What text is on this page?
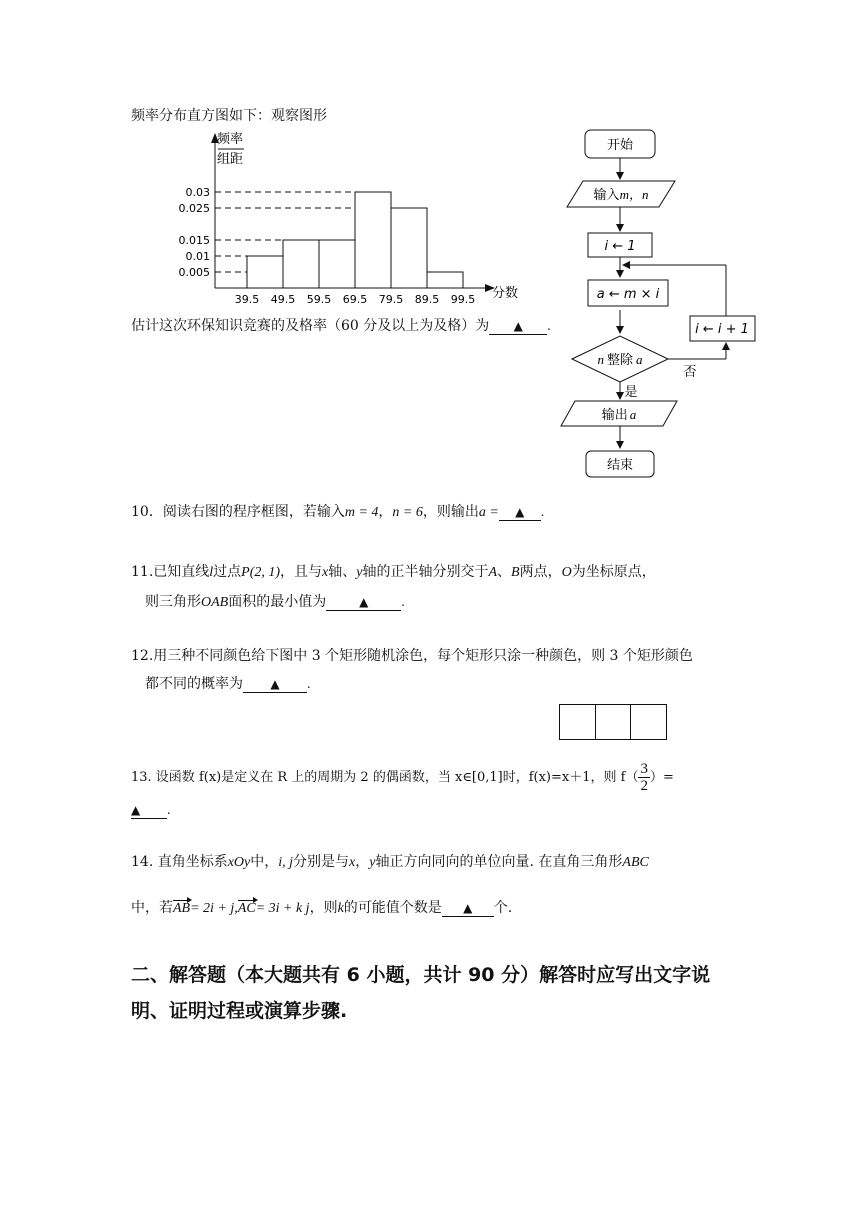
频率分布直方图如下：观察图形
频率
组距
分数
0.03
0.025
0.015
0.01
0.005
39.5 49.5 59.5 69.5 79.5 89.5 99.5
估计这次环保知识竞赛的及格率（60 分及以上为及格）为 ▲ .
开始
输入m，n
i ← 1
a ← m × i
n 整除 a
否
i ← i + 1
是
输出 a
结束
10．阅读右图的程序框图，若输入m = 4，n = 6，则输出a = ▲ .
11.已知直线l过点P(2, 1)，且与x轴、y轴的正半轴分别交于A、B两点，O为坐标原点，
则三角形OAB面积的最小值为	▲ .
12.用三种不同颜色给下图中 3 个矩形随机涂色，每个矩形只涂一种颜色，则 3 个矩形颜色
都不同的概率为 ▲ .
13. 设函数 f(x)是定义在 R 上的周期为 2 的偶函数，当 x∈[0,1]时，f(x)=x＋1，则 $f( \frac{3}{2}$ ）=
▲ .
14. 直角坐标系xOy中，i, j分别是与x，y轴正方向同向的单位向量. 在直角三角形ABC
中，若AB= 2i + j,AC= 3i + k j，则k的可能值个数是 ▲ 个.
二、解答题（本大题共有 6 小题，共计 90 分）解答时应写出文字说
明、证明过程或演算步骤.
